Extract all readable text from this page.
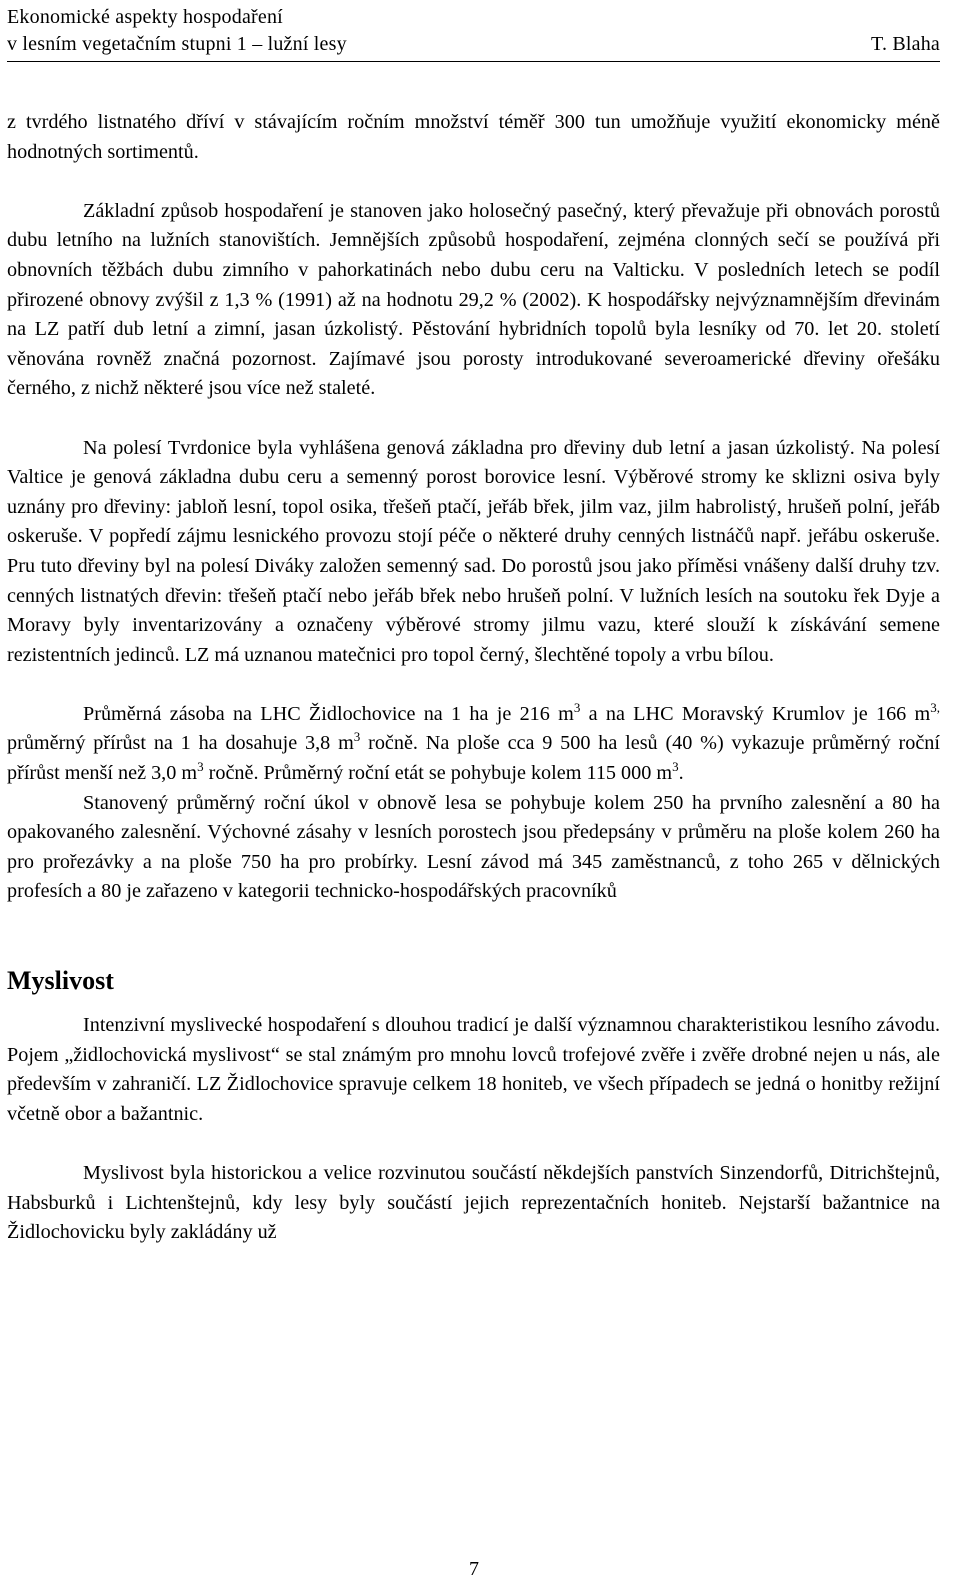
Ekonomické aspekty hospodaření
v lesním vegetačním stupni 1 – lužní lesy	T. Blaha

z tvrdého listnatého dříví v stávajícím ročním množství téměř 300 tun umožňuje využití ekonomicky méně hodnotných sortimentů.

Základní způsob hospodaření je stanoven jako holosečný pasečný, který převažuje při obnovách porostů dubu letního na lužních stanovištích. Jemnějších způsobů hospodaření, zejména clonných sečí se používá při obnovních těžbách dubu zimního v pahorkatinách nebo dubu ceru na Valticku. V posledních letech se podíl přirozené obnovy zvýšil z 1,3 % (1991) až na hodnotu 29,2 % (2002). K hospodářsky nejvýznamnějším dřevinám na LZ patří dub letní a zimní, jasan úzkolistý. Pěstování hybridních topolů byla lesníky od 70. let 20. století věnována rovněž značná pozornost. Zajímavé jsou porosty introdukované severoamerické dřeviny ořešáku černého, z nichž některé jsou více než staleté.

Na polesí Tvrdonice byla vyhlášena genová základna pro dřeviny dub letní a jasan úzkolistý. Na polesí Valtice je genová základna dubu ceru a semenný porost borovice lesní. Výběrové stromy ke sklizni osiva byly uznány pro dřeviny: jabloň lesní, topol osika, třešeň ptačí, jeřáb břek, jilm vaz, jilm habrolistý, hrušeň polní, jeřáb oskeruše. V popředí zájmu lesnického provozu stojí péče o některé druhy cenných listnáčů např. jeřábu oskeruše. Pru tuto dřeviny byl na polesí Diváky založen semenný sad. Do porostů jsou jako příměsi vnášeny další druhy tzv. cenných listnatých dřevin: třešeň ptačí nebo jeřáb břek nebo hrušeň polní. V lužních lesích na soutoku řek Dyje a Moravy byly inventarizovány a označeny výběrové stromy jilmu vazu, které slouží k získávání semene rezistentních jedinců. LZ má uznanou matečnici pro topol černý, šlechtěné topoly a vrbu bílou.

Průměrná zásoba na LHC Židlochovice na 1 ha je 216 $m^3$ a na LHC Moravský Krumlov je 166 $m^{3,}$ průměrný přírůst na 1 ha dosahuje 3,8 $m^3$ ročně. Na ploše cca 9 500 ha lesů (40 %) vykazuje průměrný roční přírůst menší než 3,0 $m^3$ ročně. Průměrný roční etát se pohybuje kolem 115 000 $m^3$.

Stanovený průměrný roční úkol v obnově lesa se pohybuje kolem 250 ha prvního zalesnění a 80 ha opakovaného zalesnění. Výchovné zásahy v lesních porostech jsou předepsány v průměru na ploše kolem 260 ha pro prořezávky a na ploše 750 ha pro probírky. Lesní závod má 345 zaměstnanců, z toho 265 v dělnických profesích a 80 je zařazeno v kategorii technicko-hospodářských pracovníků

Myslivost

Intenzivní myslivecké hospodaření s dlouhou tradicí je další významnou charakteristikou lesního závodu. Pojem „židlochovická myslivost“ se stal známým pro mnohu lovců trofejové zvěře i zvěře drobné nejen u nás, ale především v zahraničí. LZ Židlochovice spravuje celkem 18 honiteb, ve všech případech se jedná o honitby režijní včetně obor a bažantnic.

Myslivost byla historickou a velice rozvinutou součástí někdejších panstvích Sinzendorfů, Ditrichštejnů, Habsburků i Lichtenštejnů, kdy lesy byly součástí jejich reprezentačních honiteb. Nejstarší bažantnice na Židlochovicku byly zakládány už

7
